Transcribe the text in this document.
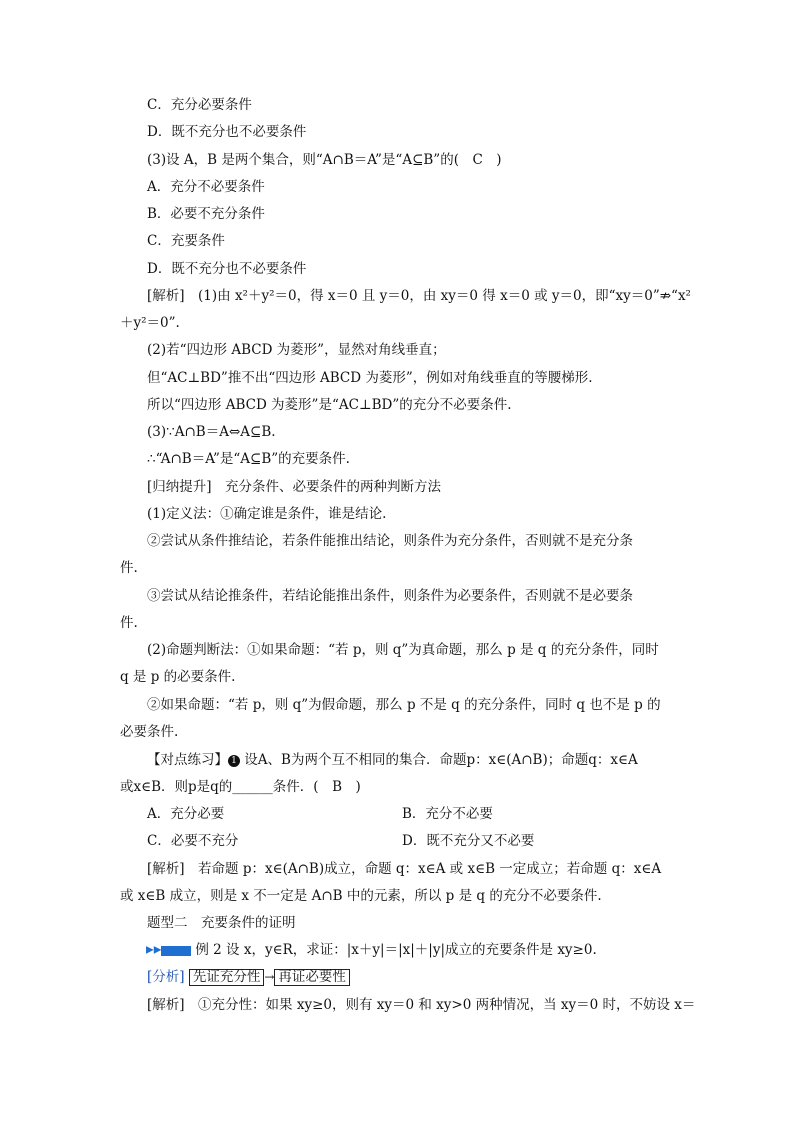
C．充分必要条件
D．既不充分也不必要条件
(3)设 A，B 是两个集合，则“A∩B＝A”是“A⊆B”的(　C　)
A．充分不必要条件
B．必要不充分条件
C．充要条件
D．既不充分也不必要条件
[解析]　(1)由 x²＋y²＝0，得 x＝0 且 y＝0，由 xy＝0 得 x＝0 或 y＝0，即“xy＝0”⇏“x²
＋y²＝0”.
(2)若“四边形 ABCD 为菱形”，显然对角线垂直；
但“AC⊥BD”推不出“四边形 ABCD 为菱形”，例如对角线垂直的等腰梯形.
所以“四边形 ABCD 为菱形”是“AC⊥BD”的充分不必要条件.
(3)∵A∩B＝A⇔A⊆B.
∴“A∩B＝A”是“A⊆B”的充要条件.
[归纳提升]　充分条件、必要条件的两种判断方法
(1)定义法：①确定谁是条件，谁是结论.
②尝试从条件推结论，若条件能推出结论，则条件为充分条件，否则就不是充分条
件.
③尝试从结论推条件，若结论能推出条件，则条件为必要条件，否则就不是必要条
件.
(2)命题判断法：①如果命题：“若 p，则 q”为真命题，那么 p 是 q 的充分条件，同时
q 是 p 的必要条件.
②如果命题：“若 p，则 q”为假命题，那么 p 不是 q 的充分条件，同时 q 也不是 p 的
必要条件.
【对点练习】 1 设A、B为两个互不相同的集合．命题p：x∈(A∩B)；命题q：x∈A
或x∈B．则p是q的______条件．(　B　)
A．充分必要	B．充分不必要
C．必要不充分	D．既不充分又不必要
[解析]　若命题 p：x∈(A∩B)成立，命题 q：x∈A 或 x∈B 一定成立；若命题 q：x∈A
或 x∈B 成立，则是 x 不一定是 A∩B 中的元素，所以 p 是 q 的充分不必要条件.
题型二　充要条件的证明
▶▶	例 2 设 x，y∈R，求证：|x＋y|＝|x|＋|y|成立的充要条件是 xy≥0.
[分析] 先证充分性 → 再证必要性
[解析]　①充分性：如果 xy≥0，则有 xy＝0 和 xy>0 两种情况，当 xy＝0 时，不妨设 x＝
